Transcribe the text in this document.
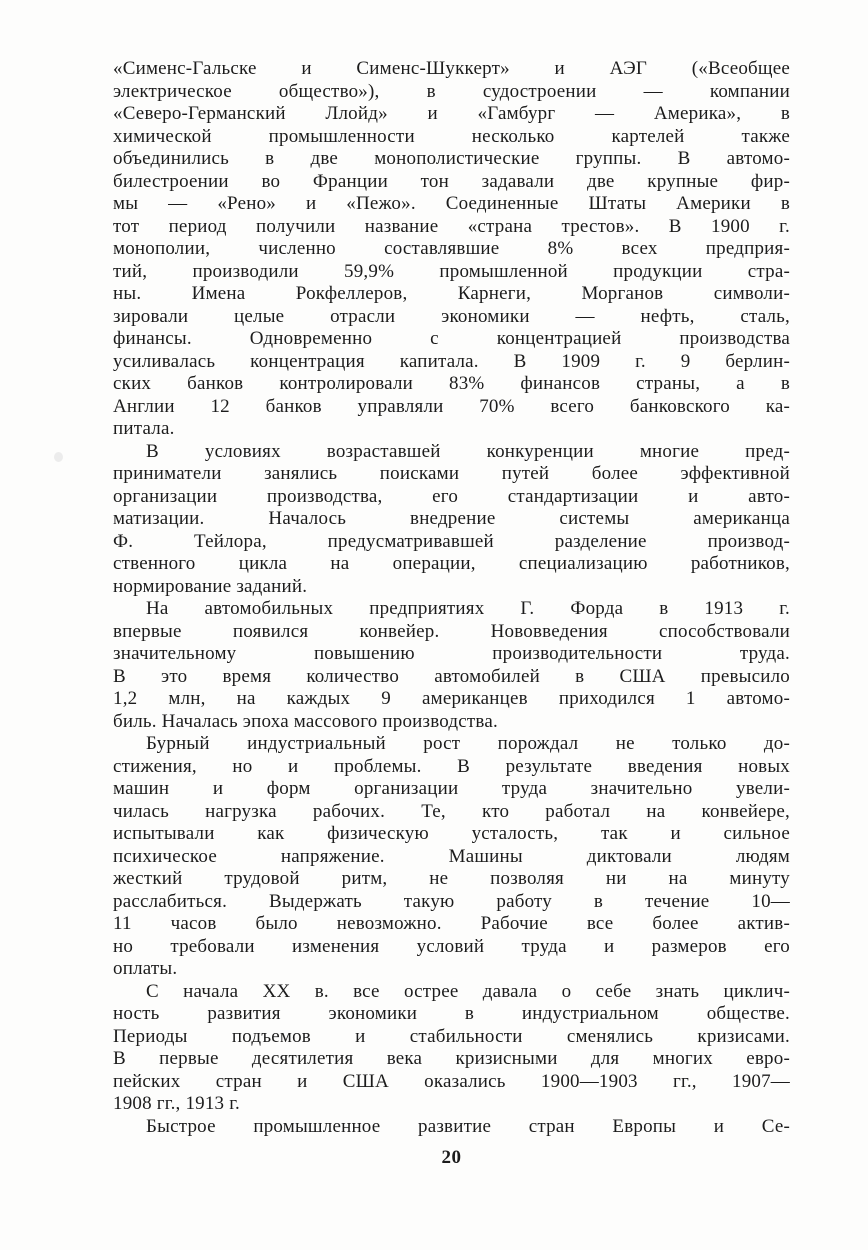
«Сименс-Гальске и Сименс-Шуккерт» и АЭГ («Всеобщее
электрическое общество»), в судостроении — компании
«Северо-Германский Ллойд» и «Гамбург — Америка», в
химической промышленности несколько картелей также
объединились в две монополистические группы. В автомо-
билестроении во Франции тон задавали две крупные фир-
мы — «Рено» и «Пежо». Соединенные Штаты Америки в
тот период получили название «страна трестов». В 1900 г.
монополии, численно составлявшие 8% всех предприя-
тий, производили 59,9% промышленной продукции стра-
ны. Имена Рокфеллеров, Карнеги, Морганов символи-
зировали целые отрасли экономики — нефть, сталь,
финансы. Одновременно с концентрацией производства
усиливалась концентрация капитала. В 1909 г. 9 берлин-
ских банков контролировали 83% финансов страны, а в
Англии 12 банков управляли 70% всего банковского ка-
питала.
В условиях возраставшей конкуренции многие пред-
приниматели занялись поисками путей более эффективной
организации производства, его стандартизации и авто-
матизации. Началось внедрение системы американца
Ф. Тейлора, предусматривавшей разделение производ-
ственного цикла на операции, специализацию работников,
нормирование заданий.
На автомобильных предприятиях Г. Форда в 1913 г.
впервые появился конвейер. Нововведения способствовали
значительному повышению производительности труда.
В это время количество автомобилей в США превысило
1,2 млн, на каждых 9 американцев приходился 1 автомо-
биль. Началась эпоха массового производства.
Бурный индустриальный рост порождал не только до-
стижения, но и проблемы. В результате введения новых
машин и форм организации труда значительно увели-
чилась нагрузка рабочих. Те, кто работал на конвейере,
испытывали как физическую усталость, так и сильное
психическое напряжение. Машины диктовали людям
жесткий трудовой ритм, не позволяя ни на минуту
расслабиться. Выдержать такую работу в течение 10—
11 часов было невозможно. Рабочие все более актив-
но требовали изменения условий труда и размеров его
оплаты.
С начала XX в. все острее давала о себе знать циклич-
ность развития экономики в индустриальном обществе.
Периоды подъемов и стабильности сменялись кризисами.
В первые десятилетия века кризисными для многих евро-
пейских стран и США оказались 1900—1903 гг., 1907—
1908 гг., 1913 г.
Быстрое промышленное развитие стран Европы и Се-
20
